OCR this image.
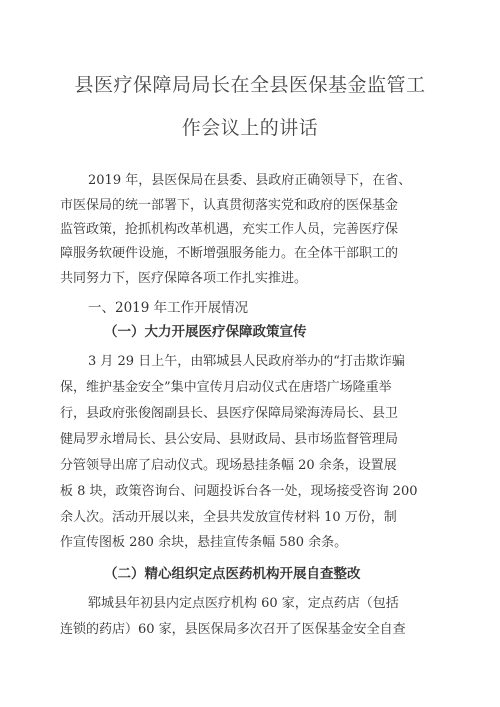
县医疗保障局局长在全县医保基金监管工
作会议上的讲话
2019 年，县医保局在县委、县政府正确领导下，在省、
市医保局的统一部署下，认真贯彻落实党和政府的医保基金
监管政策，抢抓机构改革机遇，充实工作人员，完善医疗保
障服务软硬件设施，不断增强服务能力。在全体干部职工的
共同努力下，医疗保障各项工作扎实推进。
一、2019 年工作开展情况
（一）大力开展医疗保障政策宣传
3 月 29 日上午，由郓城县人民政府举办的“打击欺诈骗
保，维护基金安全”集中宣传月启动仪式在唐塔广场隆重举
行，县政府张俊阁副县长、县医疗保障局梁海涛局长、县卫
健局罗永增局长、县公安局、县财政局、县市场监督管理局
分管领导出席了启动仪式。现场悬挂条幅 20 余条，设置展
板 8 块，政策咨询台、问题投诉台各一处，现场接受咨询 200
余人次。活动开展以来，全县共发放宣传材料 10 万份，制
作宣传图板 280 余块，悬挂宣传条幅 580 余条。
（二）精心组织定点医药机构开展自查整改
郓城县年初县内定点医疗机构 60 家，定点药店（包括
连锁的药店）60 家，县医保局多次召开了医保基金安全自查
